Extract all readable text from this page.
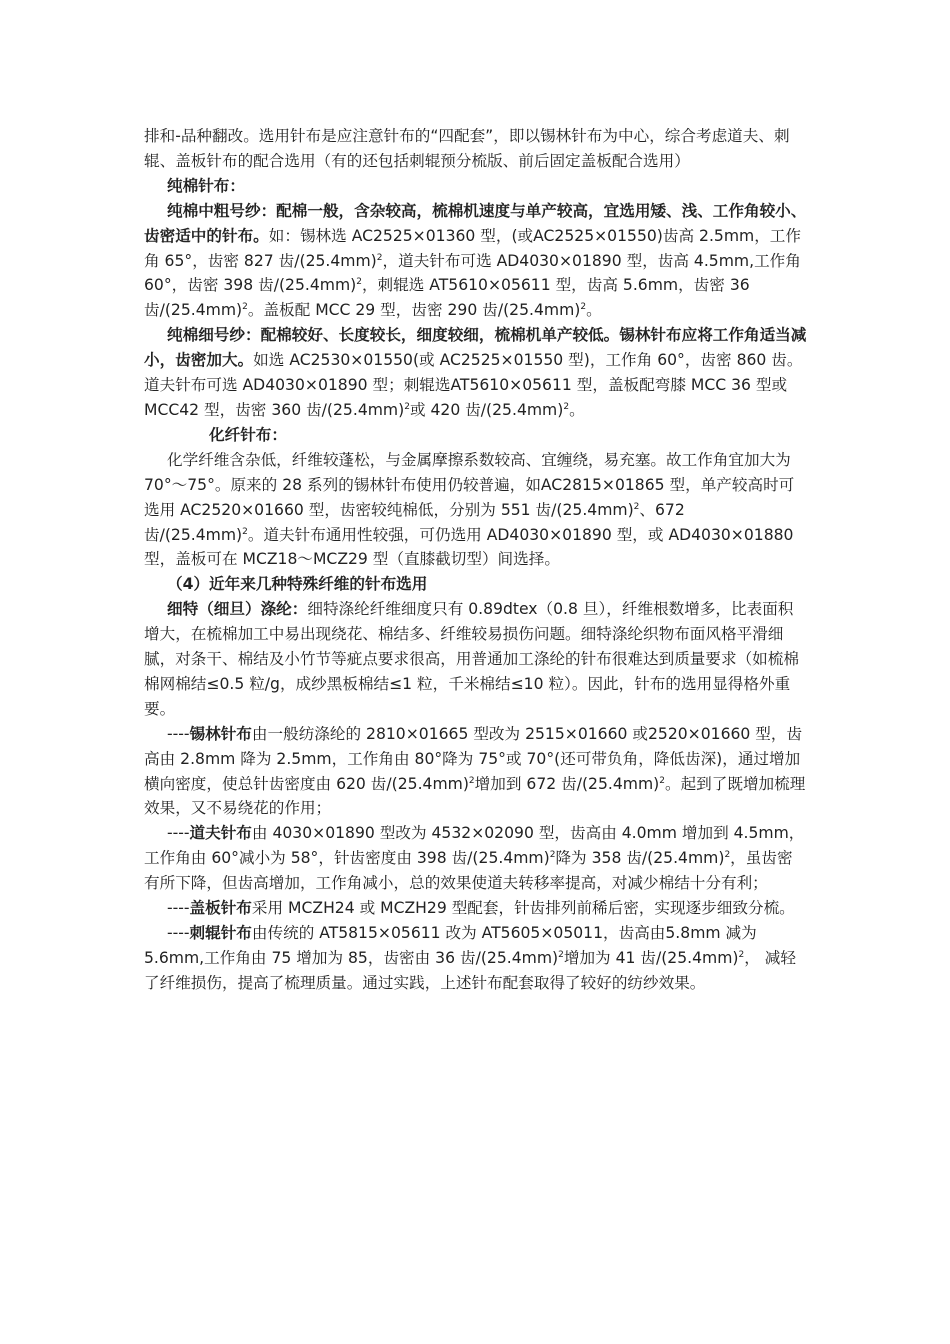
排和-品种翻改。选用针布是应注意针布的“四配套”，即以锡林针布为中心，综合考虑道夫、刺辊、盖板针布的配合选用（有的还包括刺辊预分梳版、前后固定盖板配合选用）

纯棉针布：

纯棉中粗号纱：配棉一般，含杂较高，梳棉机速度与单产较高，宜选用矮、浅、工作角较小、齿密适中的针布。如：锡林选 AC2525×01360 型，(或AC2525×01550)齿高 2.5mm，工作角 65°，齿密 827 齿$/(25.4mm)^2$，道夫针布可选 AD4030×01890 型，齿高 4.5mm,工作角 60°，齿密 398 齿$/(25.4mm)^2$，刺辊选 AT5610×05611 型，齿高 5.6mm，齿密 36 齿$/(25.4mm)^2$。盖板配 MCC 29 型，齿密 290 齿$/(25.4mm)^2$。

纯棉细号纱：配棉较好、长度较长，细度较细，梳棉机单产较低。锡林针布应将工作角适当减小，齿密加大。如选 AC2530×01550(或 AC2525×01550 型)，工作角 60°，齿密 860 齿。道夫针布可选 AD4030×01890 型；刺辊选AT5610×05611 型，盖板配弯膝 MCC 36 型或 MCC42 型，齿密 360 齿$/(25.4mm)^2$或 420 齿$/(25.4mm)^2$。

化纤针布：

化学纤维含杂低，纤维较蓬松，与金属摩擦系数较高、宜缠绕，易充塞。故工作角宜加大为 70°～75°。原来的 28 系列的锡林针布使用仍较普遍，如AC2815×01865 型，单产较高时可选用 AC2520×01660 型，齿密较纯棉低，分别为 551 齿$/(25.4mm)^2$、672 齿$/(25.4mm)^2$。道夫针布通用性较强，可仍选用 AD4030×01890 型，或 AD4030×01880 型，盖板可在 MCZ18～MCZ29 型（直膝截切型）间选择。

（4）近年来几种特殊纤维的针布选用

细特（细旦）涤纶：细特涤纶纤维细度只有 0.89dtex（0.8 旦），纤维根数增多，比表面积增大，在梳棉加工中易出现绕花、棉结多、纤维较易损伤问题。细特涤纶织物布面风格平滑细腻，对条干、棉结及小竹节等疵点要求很高，用普通加工涤纶的针布很难达到质量要求（如梳棉棉网棉结≤0.5 粒/g，成纱黑板棉结≤1 粒，千米棉结≤10 粒）。因此，针布的选用显得格外重要。

----锡林针布由一般纺涤纶的 2810×01665 型改为 2515×01660 或2520×01660 型，齿高由 2.8mm 降为 2.5mm，工作角由 80°降为 75°或 70°(还可带负角，降低齿深)，通过增加横向密度，使总针齿密度由 620 齿$/(25.4mm)^2$增加到 672 齿$/(25.4mm)^2$。起到了既增加梳理效果，又不易绕花的作用；

----道夫针布由 4030×01890 型改为 4532×02090 型，齿高由 4.0mm 增加到 4.5mm，工作角由 60°减小为 58°，针齿密度由 398 齿$/(25.4mm)^2$降为 358 齿$/(25.4mm)^2$，虽齿密有所下降，但齿高增加，工作角减小，总的效果使道夫转移率提高，对减少棉结十分有利；

----盖板针布采用 MCZH24 或 MCZH29 型配套，针齿排列前稀后密，实现逐步细致分梳。

----刺辊针布由传统的 AT5815×05611 改为 AT5605×05011，齿高由5.8mm 减为 5.6mm,工作角由 75 增加为 85，齿密由 36 齿$/(25.4mm)^2$增加为 41 齿$/(25.4mm)^2$， 减轻了纤维损伤，提高了梳理质量。通过实践，上述针布配套取得了较好的纺纱效果。
